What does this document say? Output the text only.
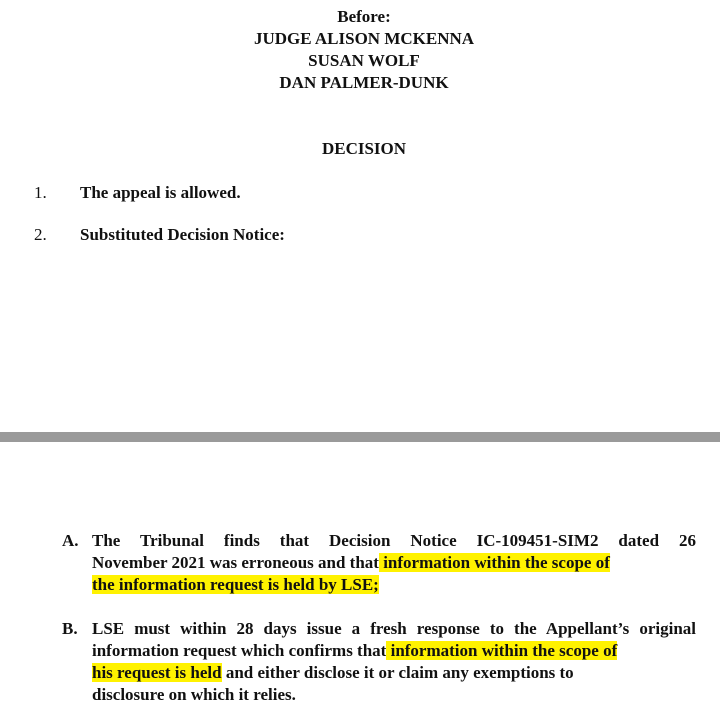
Before:
JUDGE ALISON MCKENNA
SUSAN WOLF
DAN PALMER-DUNK
DECISION
1. The appeal is allowed.
2. Substituted Decision Notice:
A. The Tribunal finds that Decision Notice IC-109451-SIM2 dated 26
November 2021 was erroneous and that information within the scope of
the information request is held by LSE;
B. LSE must within 28 days issue a fresh response to the Appellant’s original
information request which confirms that information within the scope of
his request is held and either disclose it or claim any exemptions to
disclosure on which it relies.
